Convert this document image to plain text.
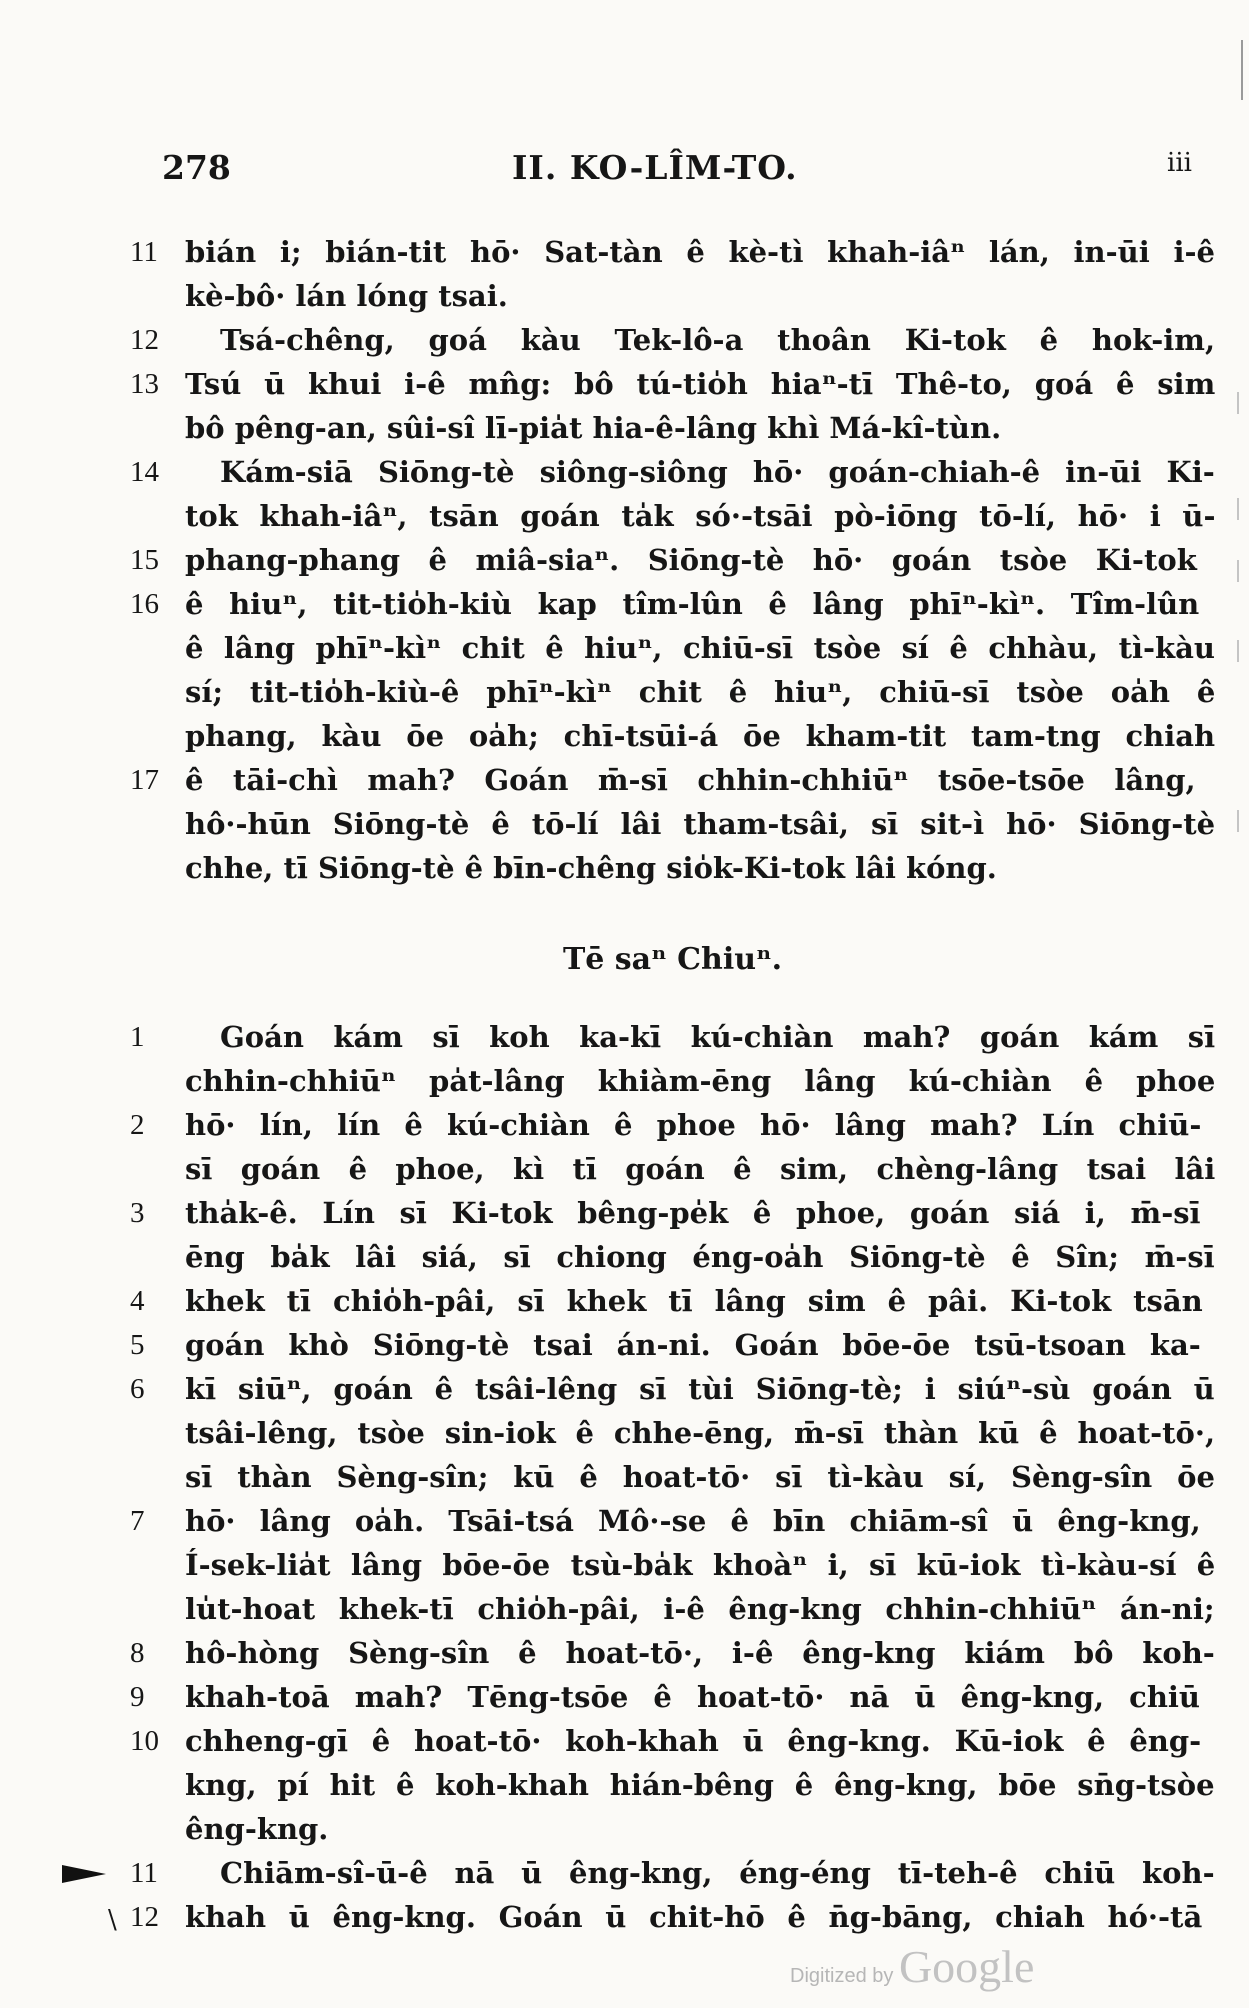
278	II. KO-LÎM-TO.	iii
11 bián i; bián-tit hō· Sat-tàn ê kè-tì khah-iâⁿ lán, in-ūi i-ê
kè-bô· lán lóng tsai.
12	Tsá-chêng, goá kàu Tek-lô-a thoân Ki-tok ê hok-im,
13 Tsú ū khui i-ê mn̂g: bô tú-tio̍h hiaⁿ-tī Thê-to, goá ê sim
bô pêng-an, sûi-sî lī-pia̍t hia-ê-lâng khì Má-kî-tùn.
14	Kám-siā Siōng-tè siông-siông hō· goán-chiah-ê in-ūi Ki-
tok khah-iâⁿ, tsān goán ta̍k só·-tsāi pò-iōng tō-lí, hō· i ū-
15 phang-phang ê miâ-siaⁿ. Siōng-tè hō· goán tsòe Ki-tok
16 ê hiuⁿ, tit-tio̍h-kiù kap tîm-lûn ê lâng phīⁿ-kìⁿ. Tîm-lûn
ê lâng phīⁿ-kìⁿ chit ê hiuⁿ, chiū-sī tsòe sí ê chhàu, tì-kàu
sí; tit-tio̍h-kiù-ê phīⁿ-kìⁿ chit ê hiuⁿ, chiū-sī tsòe oa̍h ê
phang, kàu ōe oa̍h; chī-tsūi-á ōe kham-tit tam-tng chiah
17 ê tāi-chì mah? Goán m̄-sī chhin-chhiūⁿ tsōe-tsōe lâng,
hô·-hūn Siōng-tè ê tō-lí lâi tham-tsâi, sī sit-ì hō· Siōng-tè
chhe, tī Siōng-tè ê bīn-chêng sio̍k-Ki-tok lâi kóng.
Tē saⁿ Chiuⁿ.
1	Goán kám sī koh ka-kī kú-chiàn mah? goán kám sī
chhin-chhiūⁿ pa̍t-lâng khiàm-ēng lâng kú-chiàn ê phoe
2	hō· lín, lín ê kú-chiàn ê phoe hō· lâng mah? Lín chiū-
sī goán ê phoe, kì tī goán ê sim, chèng-lâng tsai lâi
3	tha̍k-ê. Lín sī Ki-tok bêng-pe̍k ê phoe, goán siá i, m̄-sī
ēng ba̍k lâi siá, sī chiong éng-oa̍h Siōng-tè ê Sîn; m̄-sī
4	khek tī chio̍h-pâi, sī khek tī lâng sim ê pâi. Ki-tok tsān
5	goán khò Siōng-tè tsai án-ni. Goán bōe-ōe tsū-tsoan ka-
6	kī siūⁿ, goán ê tsâi-lêng sī tùi Siōng-tè; i siúⁿ-sù goán ū
tsâi-lêng, tsòe sin-iok ê chhe-ēng, m̄-sī thàn kū ê hoat-tō·,
sī thàn Sèng-sîn; kū ê hoat-tō· sī tì-kàu sí, Sèng-sîn ōe
7	hō· lâng oa̍h. Tsāi-tsá Mô·-se ê bīn chiām-sî ū êng-kng,
Í-sek-lia̍t lâng bōe-ōe tsù-ba̍k khoàⁿ i, sī kū-iok tì-kàu-sí ê
lu̍t-hoat khek-tī chio̍h-pâi, i-ê êng-kng chhin-chhiūⁿ án-ni;
8	hô-hòng Sèng-sîn ê hoat-tō·, i-ê êng-kng kiám bô koh-
9	khah-toā mah? Tēng-tsōe ê hoat-tō· nā ū êng-kng, chiū
10 chheng-gī ê hoat-tō· koh-khah ū êng-kng. Kū-iok ê êng-
kng, pí hit ê koh-khah hián-bêng ê êng-kng, bōe sn̄g-tsòe
êng-kng.
11	Chiām-sî-ū-ê nā ū êng-kng, éng-éng tī-teh-ê chiū koh-
12 khah ū êng-kng. Goán ū chit-hō ê n̄g-bāng, chiah hó·-tā
\
Digitized by Google
